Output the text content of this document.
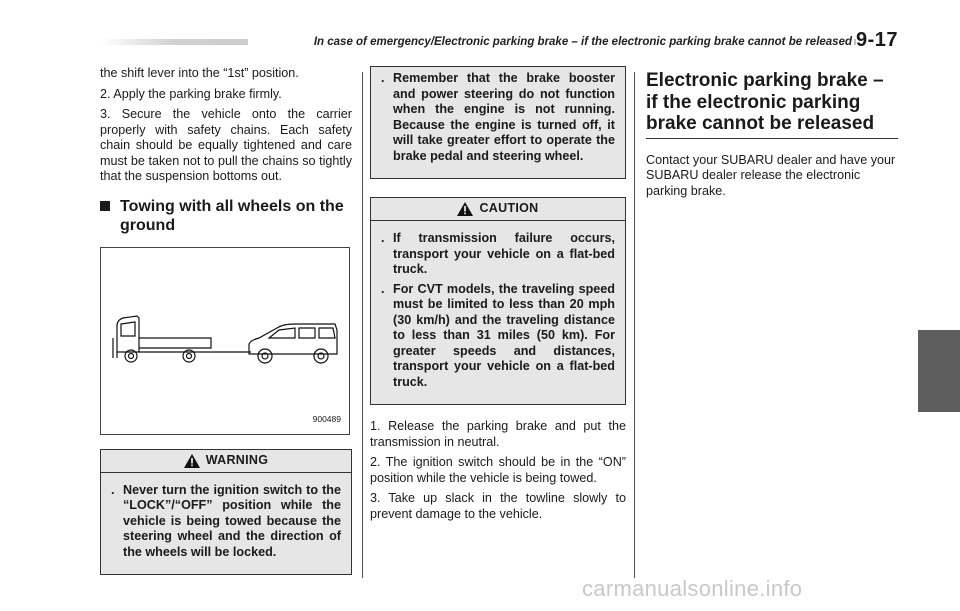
In case of emergency/Electronic parking brake – if the electronic parking brake cannot be released 9-17

the shift lever into the “1st” position.

2. Apply the parking brake firmly.

3. Secure the vehicle onto the carrier properly with safety chains. Each safety chain should be equally tightened and care must be taken not to pull the chains so tightly that the suspension bottoms out.

Towing with all wheels on the ground
900489
WARNING
. Never turn the ignition switch to the “LOCK”/“OFF” position while the vehicle is being towed because the steering wheel and the direction of the wheels will be locked.
. Remember that the brake booster and power steering do not function when the engine is not running. Because the engine is turned off, it will take greater effort to operate the brake pedal and steering wheel.
CAUTION
. If transmission failure occurs, transport your vehicle on a flat-bed truck.
. For CVT models, the traveling speed must be limited to less than 20 mph (30 km/h) and the traveling distance to less than 31 miles (50 km). For greater speeds and distances, transport your vehicle on a flat-bed truck.

1. Release the parking brake and put the transmission in neutral.

2. The ignition switch should be in the “ON” position while the vehicle is being towed.

3. Take up slack in the towline slowly to prevent damage to the vehicle.

Electronic parking brake – if the electronic parking brake cannot be released

Contact your SUBARU dealer and have your SUBARU dealer release the electronic parking brake.

carmanualsonline.info
